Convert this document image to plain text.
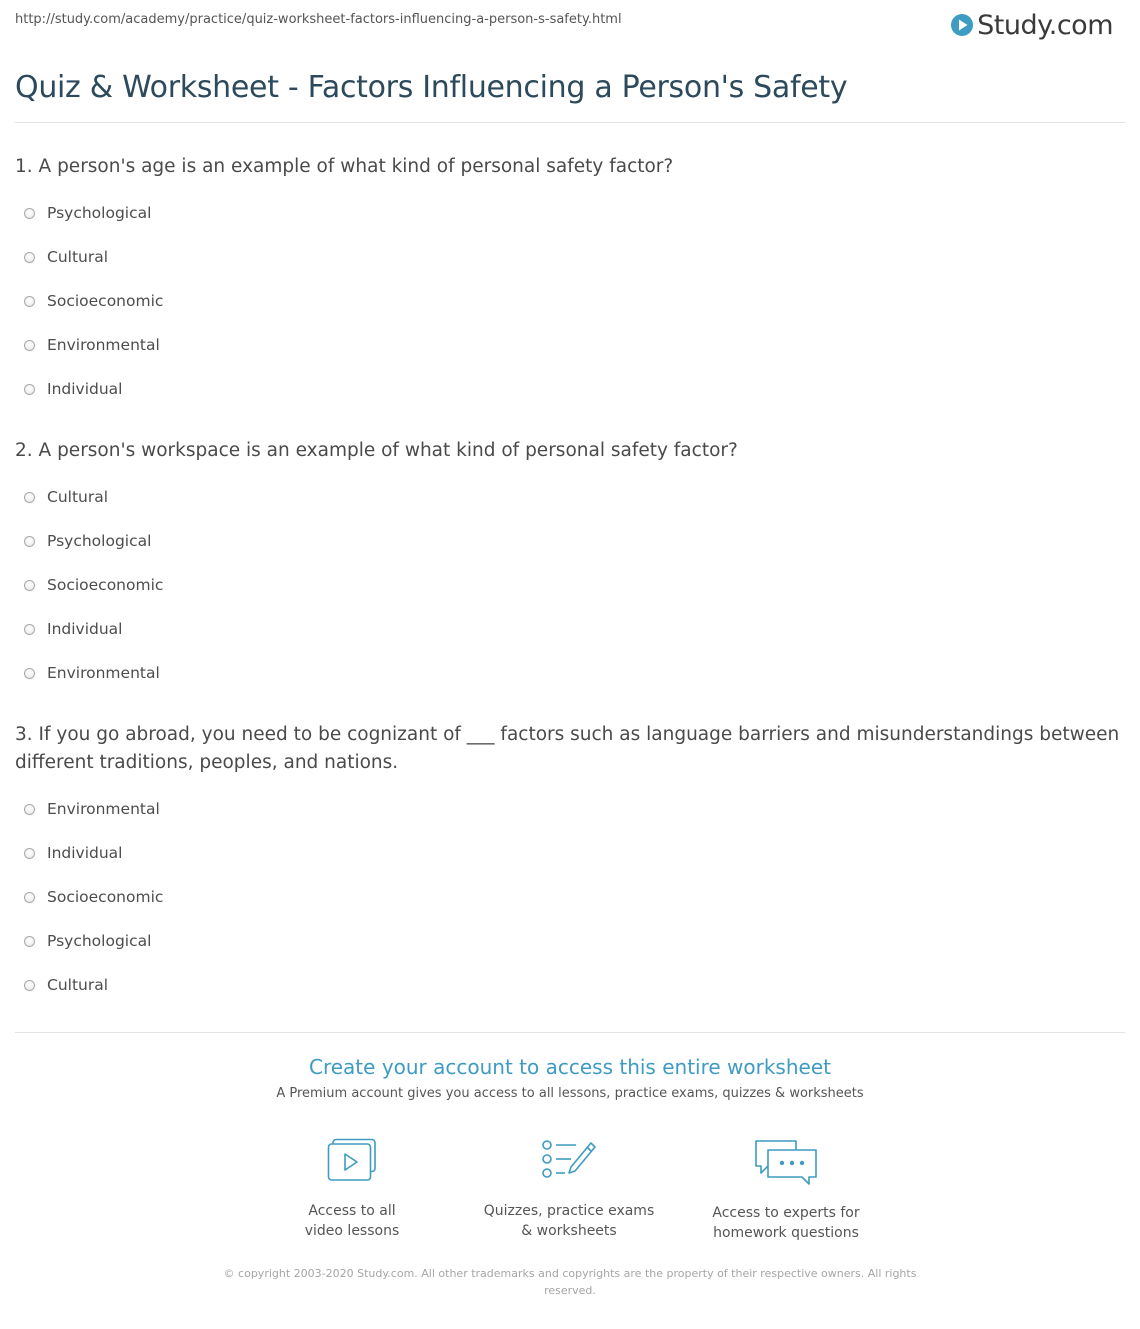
http://study.com/academy/practice/quiz-worksheet-factors-influencing-a-person-s-safety.html	Study.com
Quiz & Worksheet - Factors Influencing a Person's Safety
1. A person's age is an example of what kind of personal safety factor?
Psychological
Cultural
Socioeconomic
Environmental
Individual
2. A person's workspace is an example of what kind of personal safety factor?
Cultural
Psychological
Socioeconomic
Individual
Environmental
3. If you go abroad, you need to be cognizant of ___ factors such as language barriers and misunderstandings between different traditions, peoples, and nations.
Environmental
Individual
Socioeconomic
Psychological
Cultural
Create your account to access this entire worksheet
A Premium account gives you access to all lessons, practice exams, quizzes & worksheets
Access to all
video lessons
Quizzes, practice exams
& worksheets
Access to experts for
homework questions
© copyright 2003-2020 Study.com. All other trademarks and copyrights are the property of their respective owners. All rights reserved.
